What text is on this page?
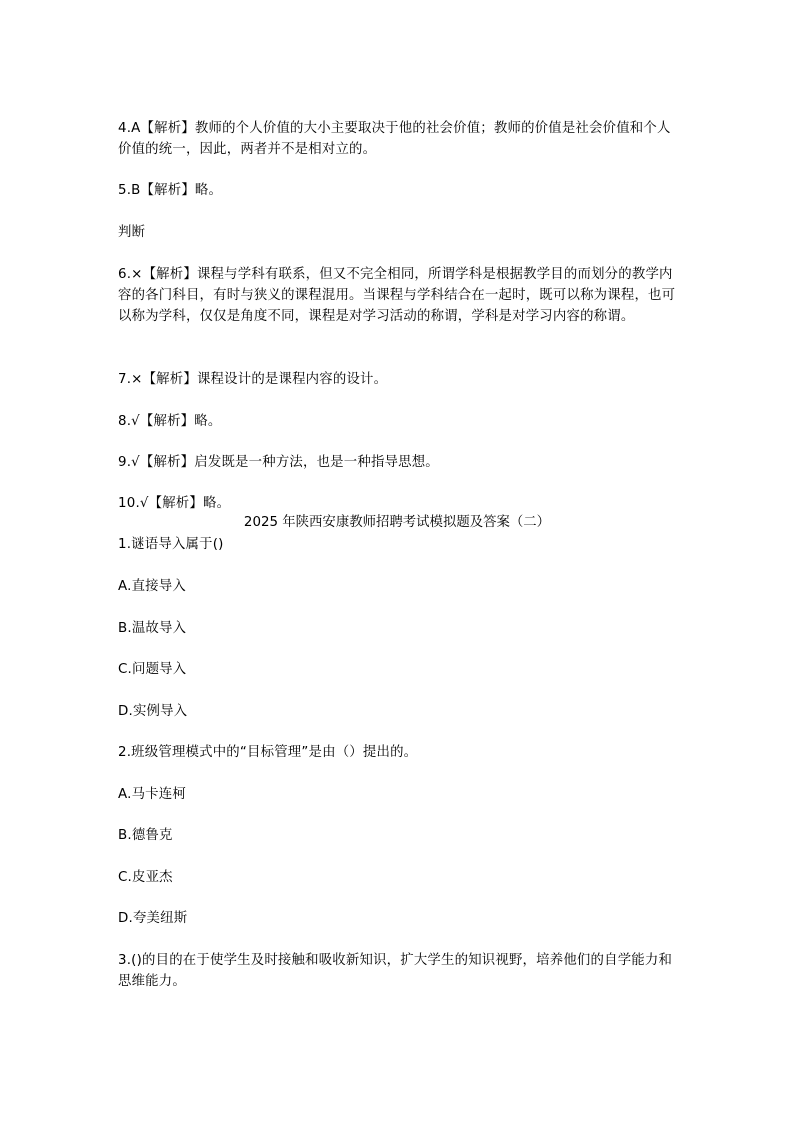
4.A【解析】教师的个人价值的大小主要取决于他的社会价值；教师的价值是社会价值和个人价值的统一，因此，两者并不是相对立的。

5.B【解析】略。

判断

6.×【解析】课程与学科有联系，但又不完全相同，所谓学科是根据教学目的而划分的教学内容的各门科目，有时与狭义的课程混用。当课程与学科结合在一起时，既可以称为课程，也可以称为学科，仅仅是角度不同，课程是对学习活动的称谓，学科是对学习内容的称谓。

7.×【解析】课程设计的是课程内容的设计。

8.√【解析】略。

9.√【解析】启发既是一种方法，也是一种指导思想。

10.√【解析】略。

2025 年陕西安康教师招聘考试模拟题及答案（二）

1.谜语导入属于()

A.直接导入

B.温故导入

C.问题导入

D.实例导入

2.班级管理模式中的“目标管理”是由（）提出的。

A.马卡连柯

B.德鲁克

C.皮亚杰

D.夸美纽斯

3.()的目的在于使学生及时接触和吸收新知识，扩大学生的知识视野，培养他们的自学能力和思维能力。
